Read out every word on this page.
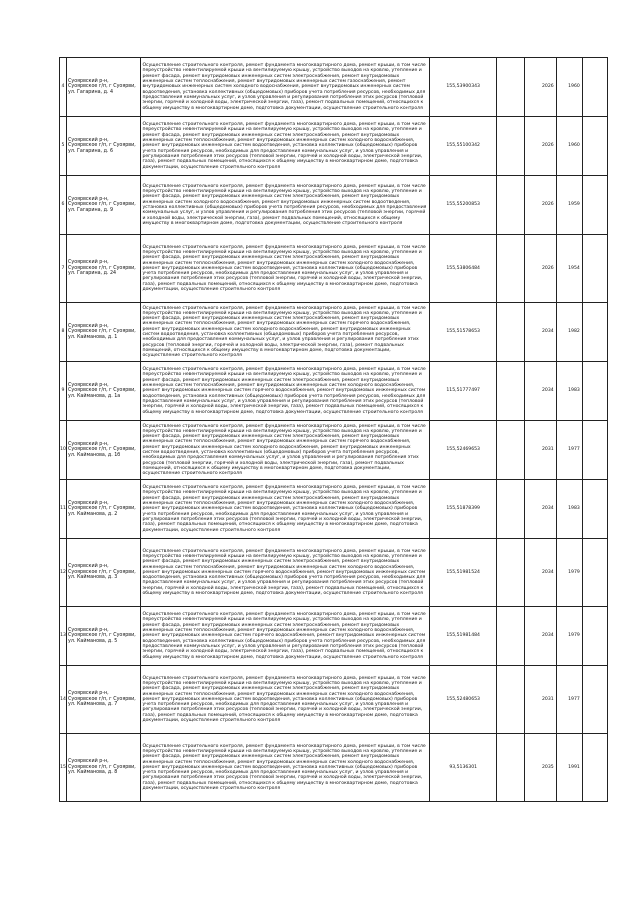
4	Суоярвский р-н, Суоярвское г/п, г Суоярви, ул. Гагарина, д. 4	Осуществление строительного контроля, ремонт фундамента многоквартирного дома, ремонт крыши, в том числе переустройство невентилируемой крыши на вентилируемую крышу, устройство выходов на кровлю, утепление и ремонт фасада, ремонт внутридомовых инженерных систем электроснабжения, ремонт внутридомовых инженерных систем теплоснабжения, ремонт внутридомовых инженерных систем газоснабжения, ремонт внутридомовых инженерных систем холодного водоснабжения, ремонт внутридомовых инженерных систем водоотведения, установка коллективных (общедомовых) приборов учета потребления ресурсов, необходимых для предоставления коммунальных услуг, и узлов управления и регулирования потребления этих ресурсов (тепловой энергии, горячей и холодной воды, электрической энергии, газа), ремонт подвальных помещений, относящихся к общему имуществу в многоквартирном доме, подготовка документации, осуществление строительного контроля	155,53900343		2026	1960	
5	Суоярвский р-н, Суоярвское г/п, г Суоярви, ул. Гагарина, д. 6	Осуществление строительного контроля, ремонт фундамента многоквартирного дома, ремонт крыши, в том числе переустройство невентилируемой крыши на вентилируемую крышу, устройство выходов на кровлю, утепление и ремонт фасада, ремонт внутридомовых инженерных систем электроснабжения, ремонт внутридомовых инженерных систем теплоснабжения, ремонт внутридомовых инженерных систем холодного водоснабжения, ремонт внутридомовых инженерных систем водоотведения, установка коллективных (общедомовых) приборов учета потребления ресурсов, необходимых для предоставления коммунальных услуг, и узлов управления и регулирования потребления этих ресурсов (тепловой энергии, горячей и холодной воды, электрической энергии, газа), ремонт подвальных помещений, относящихся к общему имуществу в многоквартирном доме, подготовка документации, осуществление строительного контроля	155,55100342		2026	1960	
6	Суоярвский р-н, Суоярвское г/п, г Суоярви, ул. Гагарина, д. 9	Осуществление строительного контроля, ремонт фундамента многоквартирного дома, ремонт крыши, в том числе переустройство невентилируемой крыши на вентилируемую крышу, устройство выходов на кровлю, утепление и ремонт фасада, ремонт внутридомовых инженерных систем электроснабжения, ремонт внутридомовых инженерных систем холодного водоснабжения, ремонт внутридомовых инженерных систем водоотведения, установка коллективных (общедомовых) приборов учета потребления ресурсов, необходимых для предоставления коммунальных услуг, и узлов управления и регулирования потребления этих ресурсов (тепловой энергии, горячей и холодной воды, электрической энергии, газа), ремонт подвальных помещений, относящихся к общему имуществу в многоквартирном доме, подготовка документации, осуществление строительного контроля	155,55200853		2026	1959	
7	Суоярвский р-н, Суоярвское г/п, г Суоярви, ул. Гагарина, д. 24	Осуществление строительного контроля, ремонт фундамента многоквартирного дома, ремонт крыши, в том числе переустройство невентилируемой крыши на вентилируемую крышу, устройство выходов на кровлю, утепление и ремонт фасада, ремонт внутридомовых инженерных систем электроснабжения, ремонт внутридомовых инженерных систем теплоснабжения, ремонт внутридомовых инженерных систем холодного водоснабжения, ремонт внутридомовых инженерных систем водоотведения, установка коллективных (общедомовых) приборов учета потребления ресурсов, необходимых для предоставления коммунальных услуг, и узлов управления и регулирования потребления этих ресурсов (тепловой энергии, горячей и холодной воды, электрической энергии, газа), ремонт подвальных помещений, относящихся к общему имуществу в многоквартирном доме, подготовка документации, осуществление строительного контроля	155,53806484		2026	1954	
8	Суоярвский р-н, Суоярвское г/п, г Суоярви, ул. Кайманова, д. 1	Осуществление строительного контроля, ремонт фундамента многоквартирного дома, ремонт крыши, в том числе переустройство невентилируемой крыши на вентилируемую крышу, устройство выходов на кровлю, утепление и ремонт фасада, ремонт внутридомовых инженерных систем электроснабжения, ремонт внутридомовых инженерных систем теплоснабжения, ремонт внутридомовых инженерных систем горячего водоснабжения, ремонт внутридомовых инженерных систем холодного водоснабжения, ремонт внутридомовых инженерных систем водоотведения, установка коллективных (общедомовых) приборов учета потребления ресурсов, необходимых для предоставления коммунальных услуг, и узлов управления и регулирования потребления этих ресурсов (тепловой энергии, горячей и холодной воды, электрической энергии, газа), ремонт подвальных помещений, относящихся к общему имуществу в многоквартирном доме, подготовка документации, осуществление строительного контроля	155,51578653		2034	1982	
9	Суоярвский р-н, Суоярвское г/п, г Суоярви, ул. Кайманова, д. 1а	Осуществление строительного контроля, ремонт фундамента многоквартирного дома, ремонт крыши, в том числе переустройство невентилируемой крыши на вентилируемую крышу, устройство выходов на кровлю, утепление и ремонт фасада, ремонт внутридомовых инженерных систем электроснабжения, ремонт внутридомовых инженерных систем теплоснабжения, ремонт внутридомовых инженерных систем холодного водоснабжения, ремонт внутридомовых инженерных систем горячего водоснабжения, ремонт внутридомовых инженерных систем водоотведения, установка коллективных (общедомовых) приборов учета потребления ресурсов, необходимых для предоставления коммунальных услуг, и узлов управления и регулирования потребления этих ресурсов (тепловой энергии, горячей и холодной воды, электрической энергии, газа), ремонт подвальных помещений, относящихся к общему имуществу в многоквартирном доме, подготовка документации, осуществление строительного контроля	115,51777497		2034	1983	
10	Суоярвский р-н, Суоярвское г/п, г Суоярви, ул. Кайманова, д. 1б	Осуществление строительного контроля, ремонт фундамента многоквартирного дома, ремонт крыши, в том числе переустройство невентилируемой крыши на вентилируемую крышу, устройство выходов на кровлю, утепление и ремонт фасада, ремонт внутридомовых инженерных систем электроснабжения, ремонт внутридомовых инженерных систем теплоснабжения, ремонт внутридомовых инженерных систем горячего водоснабжения, ремонт внутридомовых инженерных систем холодного водоснабжения, ремонт внутридомовых инженерных систем водоотведения, установка коллективных (общедомовых) приборов учета потребления ресурсов, необходимых для предоставления коммунальных услуг, и узлов управления и регулирования потребления этих ресурсов (тепловой энергии, горячей и холодной воды, электрической энергии, газа), ремонт подвальных помещений, относящихся к общему имуществу в многоквартирном доме, подготовка документации, осуществление строительного контроля	155,52469653		2031	1977	
11	Суоярвский р-н, Суоярвское г/п, г Суоярви, ул. Кайманова, д. 2	Осуществление строительного контроля, ремонт фундамента многоквартирного дома, ремонт крыши, в том числе переустройство невентилируемой крыши на вентилируемую крышу, устройство выходов на кровлю, утепление и ремонт фасада, ремонт внутридомовых инженерных систем электроснабжения, ремонт внутридомовых инженерных систем теплоснабжения, ремонт внутридомовых инженерных систем холодного водоснабжения, ремонт внутридомовых инженерных систем водоотведения, установка коллективных (общедомовых) приборов учета потребления ресурсов, необходимых для предоставления коммунальных услуг, и узлов управления и регулирования потребления этих ресурсов (тепловой энергии, горячей и холодной воды, электрической энергии, газа), ремонт подвальных помещений, относящихся к общему имуществу в многоквартирном доме, подготовка документации, осуществление строительного контроля	155,51878399		2034	1983	
12	Суоярвский р-н, Суоярвское г/п, г Суоярви, ул. Кайманова, д. 3	Осуществление строительного контроля, ремонт фундамента многоквартирного дома, ремонт крыши, в том числе переустройство невентилируемой крыши на вентилируемую крышу, устройство выходов на кровлю, утепление и ремонт фасада, ремонт внутридомовых инженерных систем электроснабжения, ремонт внутридомовых инженерных систем теплоснабжения, ремонт внутридомовых инженерных систем холодного водоснабжения, ремонт внутридомовых инженерных систем горячего водоснабжения, ремонт внутридомовых инженерных систем водоотведения, установка коллективных (общедомовых) приборов учета потребления ресурсов, необходимых для предоставления коммунальных услуг, и узлов управления и регулирования потребления этих ресурсов (тепловой энергии, горячей и холодной воды, электрической энергии, газа), ремонт подвальных помещений, относящихся к общему имуществу в многоквартирном доме, подготовка документации, осуществление строительного контроля	155,51981524		2034	1979	
13	Суоярвский р-н, Суоярвское г/п, г Суоярви, ул. Кайманова, д. 5	Осуществление строительного контроля, ремонт фундамента многоквартирного дома, ремонт крыши, в том числе переустройство невентилируемой крыши на вентилируемую крышу, устройство выходов на кровлю, утепление и ремонт фасада, ремонт внутридомовых инженерных систем электроснабжения, ремонт внутридомовых инженерных систем теплоснабжения, ремонт внутридомовых инженерных систем холодного водоснабжения, ремонт внутридомовых инженерных систем горячего водоснабжения, ремонт внутридомовых инженерных систем водоотведения, установка коллективных (общедомовых) приборов учета потребления ресурсов, необходимых для предоставления коммунальных услуг, и узлов управления и регулирования потребления этих ресурсов (тепловой энергии, горячей и холодной воды, электрической энергии, газа), ремонт подвальных помещений, относящихся к общему имуществу в многоквартирном доме, подготовка документации, осуществление строительного контроля	155,51981484		2034	1979	
14	Суоярвский р-н, Суоярвское г/п, г Суоярви, ул. Кайманова, д. 7	Осуществление строительного контроля, ремонт фундамента многоквартирного дома, ремонт крыши, в том числе переустройство невентилируемой крыши на вентилируемую крышу, устройство выходов на кровлю, утепление и ремонт фасада, ремонт внутридомовых инженерных систем электроснабжения, ремонт внутридомовых инженерных систем теплоснабжения, ремонт внутридомовых инженерных систем холодного водоснабжения, ремонт внутридомовых инженерных систем водоотведения, установка коллективных (общедомовых) приборов учета потребления ресурсов, необходимых для предоставления коммунальных услуг, и узлов управления и регулирования потребления этих ресурсов (тепловой энергии, горячей и холодной воды, электрической энергии, газа), ремонт подвальных помещений, относящихся к общему имуществу в многоквартирном доме, подготовка документации, осуществление строительного контроля	155,52480653		2031	1977	
15	Суоярвский р-н, Суоярвское г/п, г Суоярви, ул. Кайманова, д. 8	Осуществление строительного контроля, ремонт фундамента многоквартирного дома, ремонт крыши, в том числе переустройство невентилируемой крыши на вентилируемую крышу, устройство выходов на кровлю, утепление и ремонт фасада, ремонт внутридомовых инженерных систем электроснабжения, ремонт внутридомовых инженерных систем теплоснабжения, ремонт внутридомовых инженерных систем холодного водоснабжения, ремонт внутридомовых инженерных систем водоотведения, установка коллективных (общедомовых) приборов учета потребления ресурсов, необходимых для предоставления коммунальных услуг, и узлов управления и регулирования потребления этих ресурсов (тепловой энергии, горячей и холодной воды, электрической энергии, газа), ремонт подвальных помещений, относящихся к общему имуществу в многоквартирном доме, подготовка документации, осуществление строительного контроля	93,5136301		2035	1991	
